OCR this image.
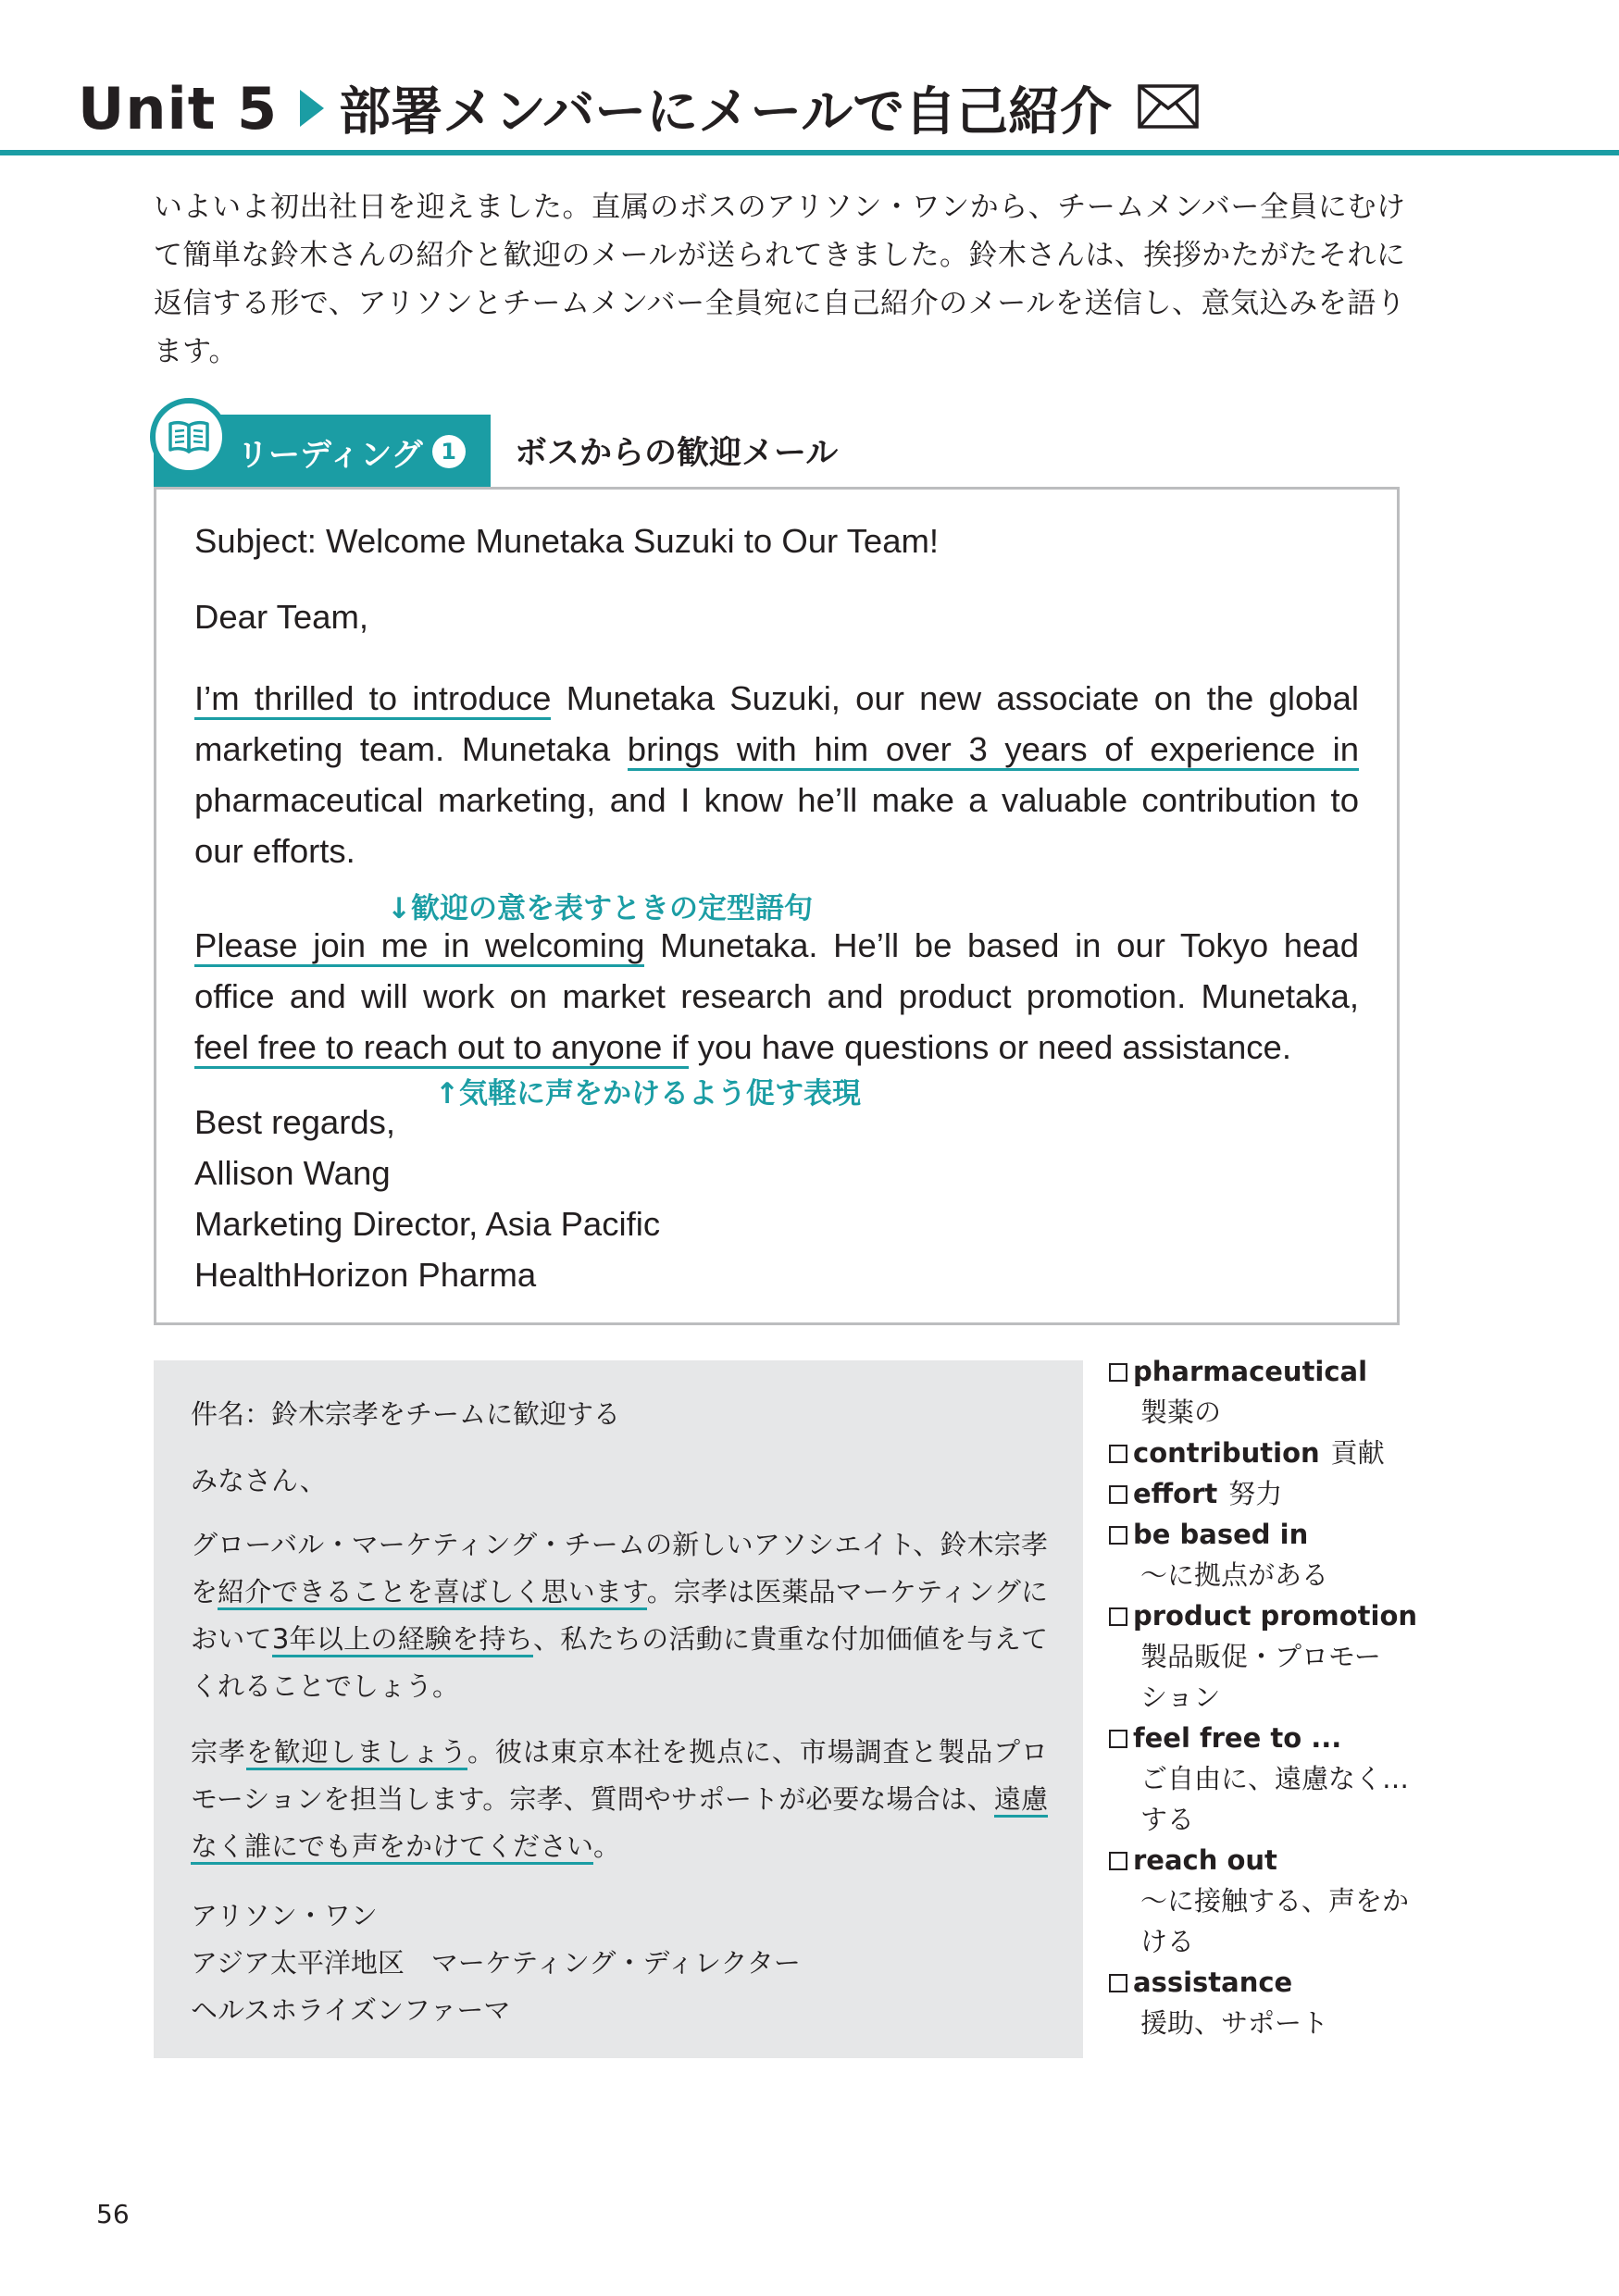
Unit 5 部署メンバーにメールで自己紹介
いよいよ初出社日を迎えました。直属のボスのアリソン・ワンから、チームメンバー全員にむけて簡単な鈴木さんの紹介と歓迎のメールが送られてきました。鈴木さんは、挨拶かたがたそれに返信する形で、アリソンとチームメンバー全員宛に自己紹介のメールを送信し、意気込みを語ります。
リーディング 1 ボスからの歓迎メール
Subject: Welcome Munetaka Suzuki to Our Team!
Dear Team,
I’m thrilled to introduce Munetaka Suzuki, our new associate on the global marketing team. Munetaka brings with him over 3 years of experience in pharmaceutical marketing, and I know he’ll make a valuable contribution to our efforts.
↓歓迎の意を表すときの定型語句
Please join me in welcoming Munetaka. He’ll be based in our Tokyo head office and will work on market research and product promotion. Munetaka, feel free to reach out to anyone if you have questions or need assistance.
↑気軽に声をかけるよう促す表現
Best regards,
Allison Wang
Marketing Director, Asia Pacific
HealthHorizon Pharma
件名：鈴木宗孝をチームに歓迎する
みなさん、
グローバル・マーケティング・チームの新しいアソシエイト、鈴木宗孝を紹介できることを喜ばしく思います。宗孝は医薬品マーケティングにおいて3年以上の経験を持ち、私たちの活動に貴重な付加価値を与えてくれることでしょう。
宗孝を歓迎しましょう。彼は東京本社を拠点に、市場調査と製品プロモーションを担当します。宗孝、質問やサポートが必要な場合は、遠慮なく誰にでも声をかけてください。
アリソン・ワン
アジア太平洋地区　マーケティング・ディレクター
ヘルスホライズンファーマ
pharmaceutical
製薬の
contribution 貢献
effort 努力
be based in
～に拠点がある
product promotion
製品販促・プロモー
ション
feel free to ...
ご自由に、遠慮なく…
する
reach out
～に接触する、声をか
ける
assistance
援助、サポート
56
